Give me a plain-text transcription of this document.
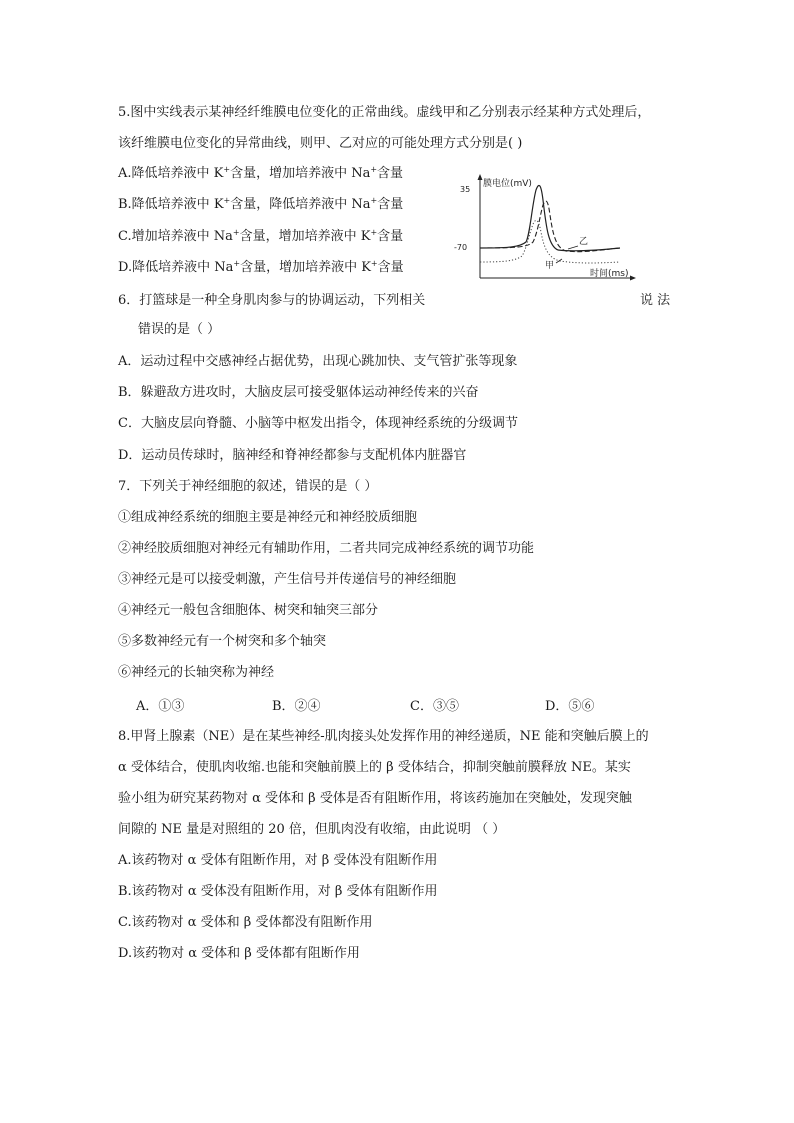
5.图中实线表示某神经纤维膜电位变化的正常曲线。虚线甲和乙分别表示经某种方式处理后，
该纤维膜电位变化的异常曲线，则甲、乙对应的可能处理方式分别是( )
A.降低培养液中 K+含量，增加培养液中 Na+含量
B.降低培养液中 K+含量，降低培养液中 Na+含量
C.增加培养液中 Na+含量，增加培养液中 K+含量
D.降低培养液中 Na+含量，增加培养液中 K+含量
膜电位(mV)
35
-70
时间(ms)
乙
甲
6．打篮球是一种全身肌肉参与的协调运动，下列相关	说 法
错误的是（ ）
A．运动过程中交感神经占据优势，出现心跳加快、支气管扩张等现象
B．躲避敌方进攻时，大脑皮层可接受躯体运动神经传来的兴奋
C．大脑皮层向脊髓、小脑等中枢发出指令，体现神经系统的分级调节
D．运动员传球时，脑神经和脊神经都参与支配机体内脏器官
7．下列关于神经细胞的叙述，错误的是（ ）
①组成神经系统的细胞主要是神经元和神经胶质细胞
②神经胶质细胞对神经元有辅助作用，二者共同完成神经系统的调节功能
③神经元是可以接受刺激，产生信号并传递信号的神经细胞
④神经元一般包含细胞体、树突和轴突三部分
⑤多数神经元有一个树突和多个轴突
⑥神经元的长轴突称为神经
A．①③	B．②④	C．③⑤	D．⑤⑥
8.甲肾上腺素（NE）是在某些神经-肌肉接头处发挥作用的神经递质，NE 能和突触后膜上的
α 受体结合，使肌肉收缩.也能和突触前膜上的 β 受体结合，抑制突触前膜释放 NE。某实
验小组为研究某药物对 α 受体和 β 受体是否有阻断作用，将该药施加在突触处，发现突触
间隙的 NE 量是对照组的 20 倍，但肌肉没有收缩，由此说明 （ ）
A.该药物对 α 受体有阻断作用，对 β 受体没有阻断作用
B.该药物对 α 受体没有阻断作用，对 β 受体有阻断作用
C.该药物对 α 受体和 β 受体都没有阻断作用
D.该药物对 α 受体和 β 受体都有阻断作用
